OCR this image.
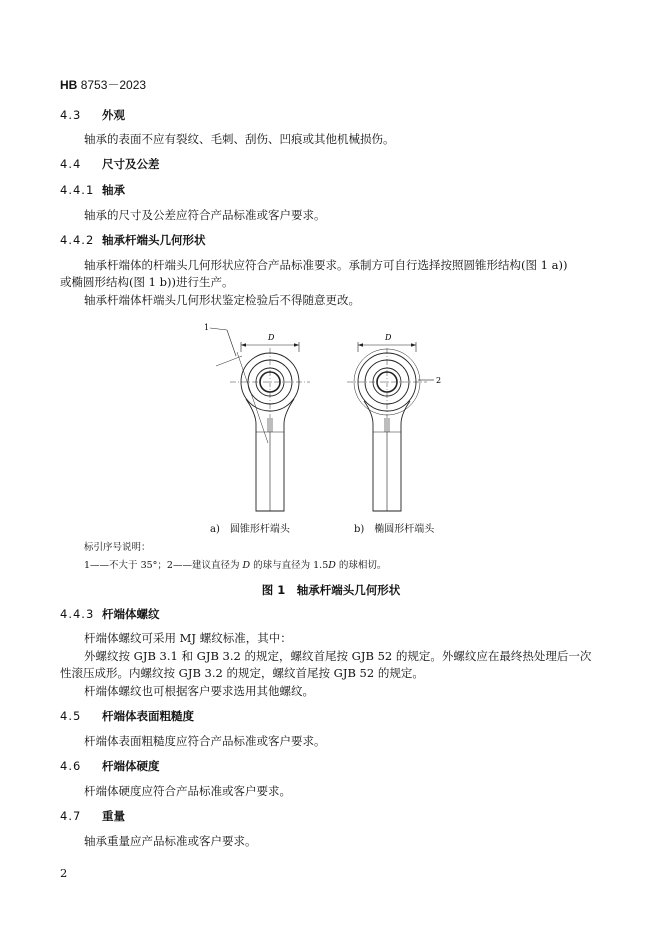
HB 8753－2023
4.3 外观
轴承的表面不应有裂纹、毛刺、刮伤、凹痕或其他机械损伤。
4.4 尺寸及公差
4.4.1 轴承
轴承的尺寸及公差应符合产品标准或客户要求。
4.4.2 轴承杆端头几何形状
轴承杆端体的杆端头几何形状应符合产品标准要求。承制方可自行选择按照圆锥形结构(图 1 a))
或椭圆形结构(图 1 b))进行生产。
轴承杆端体杆端头几何形状鉴定检验后不得随意更改。
1
D	D
2
a)　圆锥形杆端头	b)　椭圆形杆端头
标引序号说明：
1——不大于 35°；2——建议直径为 D 的球与直径为 1.5D 的球相切。
图 1　轴承杆端头几何形状
4.4.3 杆端体螺纹
杆端体螺纹可采用 MJ 螺纹标准，其中：
外螺纹按 GJB 3.1 和 GJB 3.2 的规定，螺纹首尾按 GJB 52 的规定。外螺纹应在最终热处理后一次
性滚压成形。内螺纹按 GJB 3.2 的规定，螺纹首尾按 GJB 52 的规定。
杆端体螺纹也可根据客户要求选用其他螺纹。
4.5 杆端体表面粗糙度
杆端体表面粗糙度应符合产品标准或客户要求。
4.6 杆端体硬度
杆端体硬度应符合产品标准或客户要求。
4.7 重量
轴承重量应产品标准或客户要求。
2
